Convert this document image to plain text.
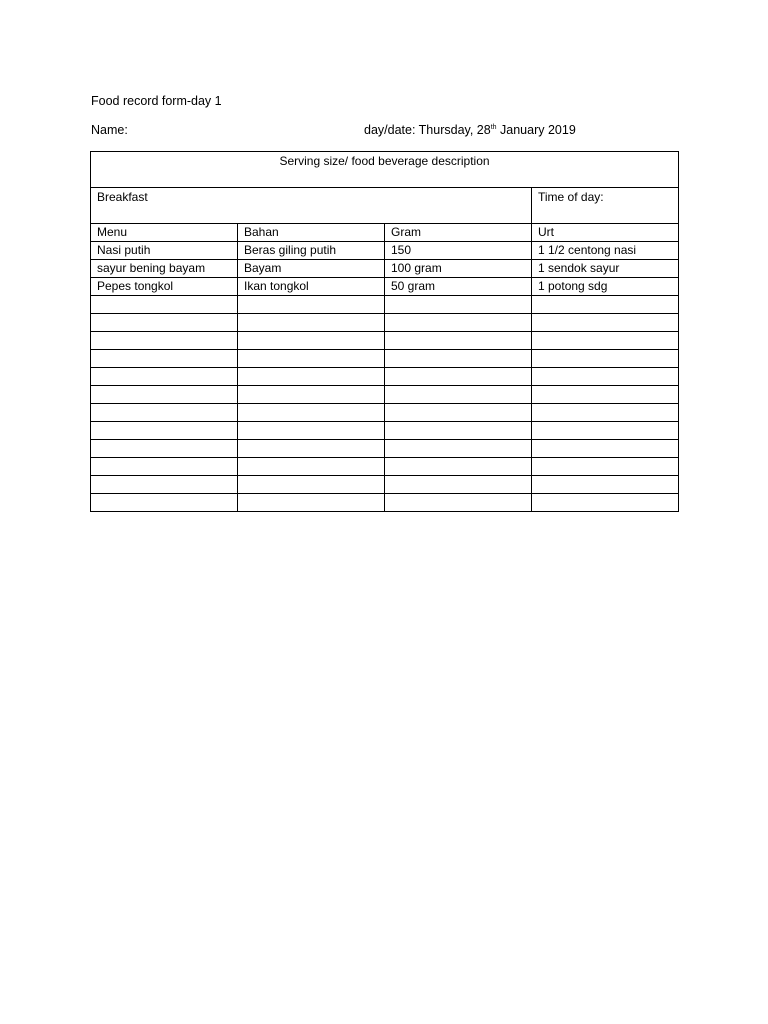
Food record form-day 1
Name:	day/date: Thursday, 28th January 2019
Serving size/ food beverage description			
Breakfast			Time of day:
Menu	Bahan	Gram	Urt
Nasi putih	Beras giling putih	150	1 1/2 centong nasi
sayur bening bayam	Bayam	100 gram	1 sendok sayur
Pepes tongkol	Ikan tongkol	50 gram	1 potong sdg
